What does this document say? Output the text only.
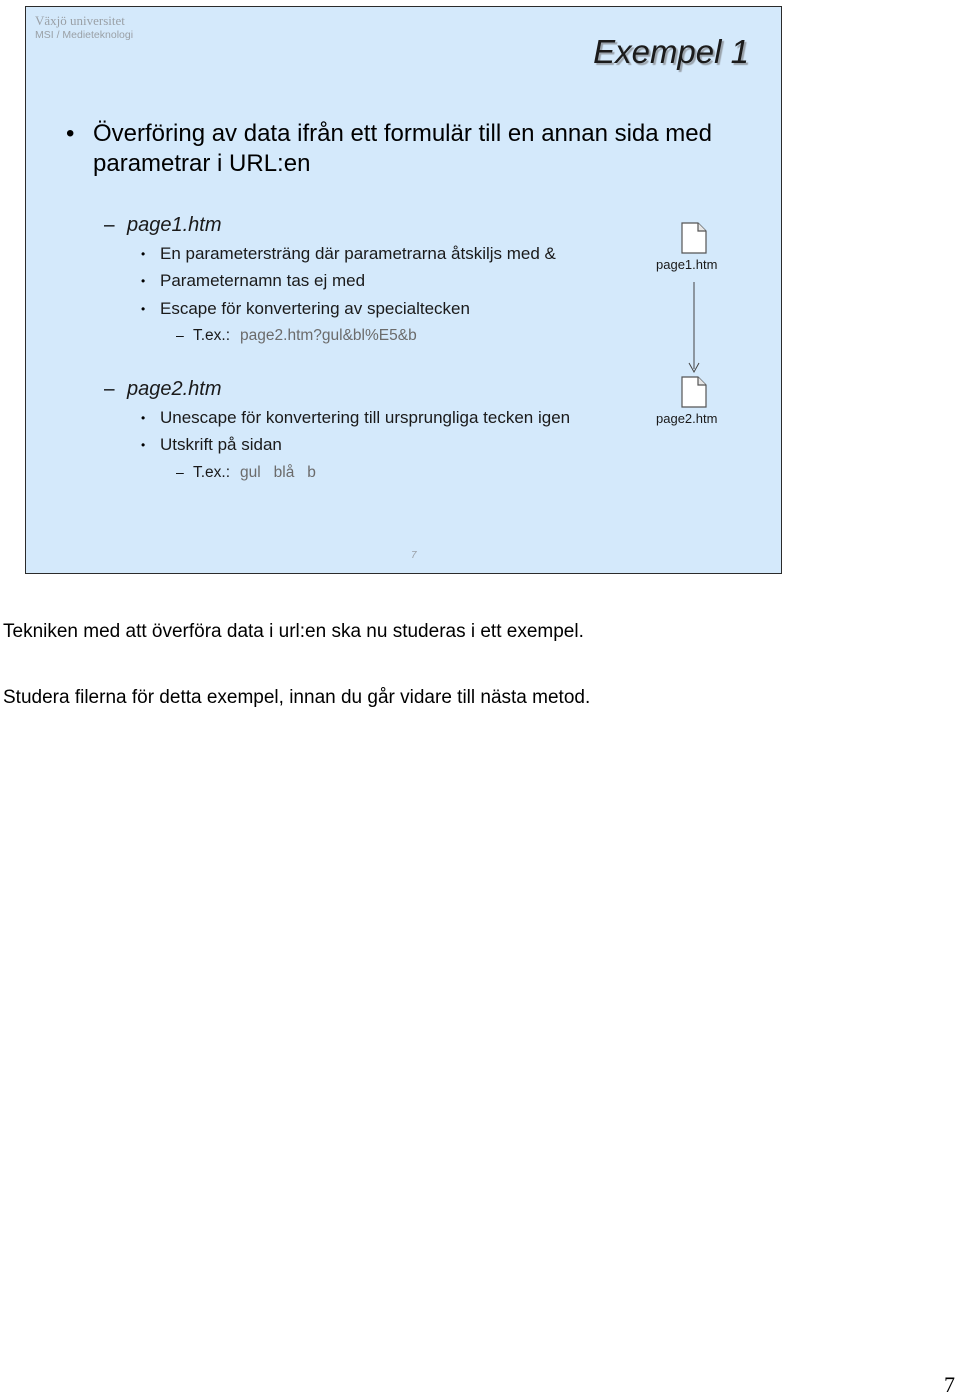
Växjö universitet
MSI / Medieteknologi	Exempel 1
• Överföring av data ifrån ett formulär till en annan sida med parametrar i URL:en
– page1.htm
• En parametersträng där parametrarna åtskiljs med &
• Parameternamn tas ej med
• Escape för konvertering av specialtecken
– T.ex.: page2.htm?gul&bl%E5&b
– page2.htm
• Unescape för konvertering till ursprungliga tecken igen
• Utskrift på sidan
– T.ex.: gul   blå   b
page1.htm
page2.htm
7
Tekniken med att överföra data i url:en ska nu studeras i ett exempel.
Studera filerna för detta exempel, innan du går vidare till nästa metod.
7
